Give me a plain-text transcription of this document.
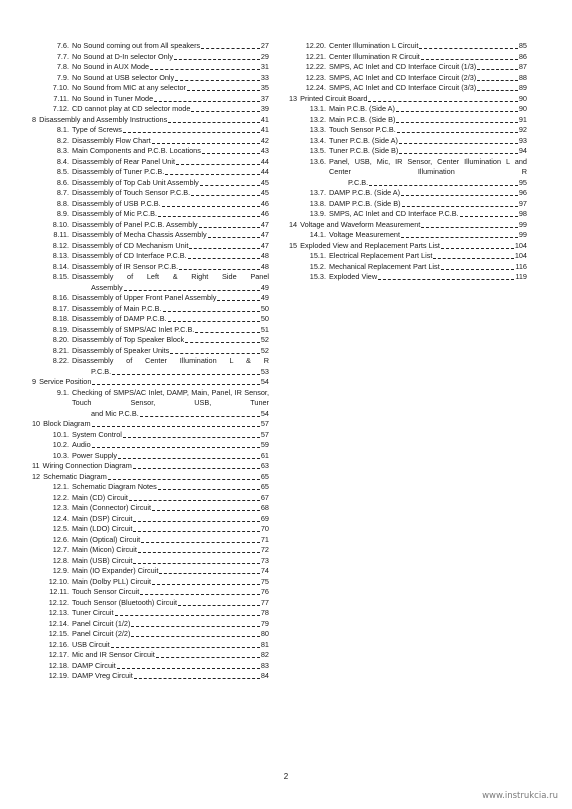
7.6. No Sound coming out from All speakers	27
7.7. No Sound at D-In selector Only	29
7.8. No Sound in AUX Mode	31
7.9. No Sound at USB selector Only	33
7.10. No Sound from MIC at any selector	35
7.11. No Sound in Tuner Mode	37
7.12. CD cannot play at CD selector mode	39
8 Disassembly and Assembly Instructions	41
8.1. Type of Screws	41
8.2. Disassembly Flow Chart	42
8.3. Main Components and P.C.B. Locations	43
8.4. Disassembly of Rear Panel Unit	44
8.5. Disassembly of Tuner P.C.B.	44
8.6. Disassembly of Top Cab Unit Assembly	45
8.7. Disassembly of Touch Sensor P.C.B.	45
8.8. Disassembly of USB P.C.B.	46
8.9. Disassembly of Mic P.C.B.	46
8.10. Disassembly of Panel P.C.B. Assembly	47
8.11. Disassembly of Mecha Chassis Assembly	47
8.12. Disassembly of CD Mechanism Unit	47
8.13. Disassembly of CD Interface P.C.B.	48
8.14. Disassembly of IR Sensor P.C.B.	48
8.15. Disassembly of Left & Right Side Panel
Assembly	49
8.16. Disassembly of Upper Front Panel Assembly	49
8.17. Disassembly of Main P.C.B.	50
8.18. Disassembly of DAMP P.C.B.	50
8.19. Disassembly of SMPS/AC Inlet P.C.B.	51
8.20. Disassembly of Top Speaker Block	52
8.21. Disassembly of Speaker Units	52
8.22. Disassembly of Center Illumination L & R
P.C.B.	53
9 Service Position	54
9.1. Checking of SMPS/AC Inlet, DAMP, Main, Panel, IR Sensor, Touch Sensor, USB, Tuner
and Mic P.C.B.	54
10 Block Diagram	57
10.1. System Control	57
10.2. Audio	59
10.3. Power Supply	61
11 Wiring Connection Diagram	63
12 Schematic Diagram	65
12.1. Schematic Diagram Notes	65
12.2. Main (CD) Circuit	67
12.3. Main (Connector) Circuit	68
12.4. Main (DSP) Circuit	69
12.5. Main (LDO) Circuit	70
12.6. Main (Optical) Circuit	71
12.7. Main (Micon) Circuit	72
12.8. Main (USB) Circuit	73
12.9. Main (IO Expander) Circuit	74
12.10. Main (Dolby PLL) Circuit	75
12.11. Touch Sensor Circuit	76
12.12. Touch Sensor (Bluetooth) Circuit	77
12.13. Tuner Circuit	78
12.14. Panel Circuit (1/2)	79
12.15. Panel Circuit (2/2)	80
12.16. USB Circuit	81
12.17. Mic and IR Sensor Circuit	82
12.18. DAMP Circuit	83
12.19. DAMP Vreg Circuit	84
12.20. Center Illumination L Circuit	85
12.21. Center Illumination R Circuit	86
12.22. SMPS, AC Inlet and CD Interface Circuit (1/3)	87
12.23. SMPS, AC Inlet and CD Interface Circuit (2/3)	88
12.24. SMPS, AC Inlet and CD Interface Circuit (3/3)	89
13 Printed Circuit Board	90
13.1. Main P.C.B. (Side A)	90
13.2. Main P.C.B. (Side B)	91
13.3. Touch Sensor P.C.B.	92
13.4. Tuner P.C.B. (Side A)	93
13.5. Tuner P.C.B. (Side B)	94
13.6. Panel, USB, Mic, IR Sensor, Center Illumination L and Center Illumination R
P.C.B.	95
13.7. DAMP P.C.B. (Side A)	96
13.8. DAMP P.C.B. (Side B)	97
13.9. SMPS, AC Inlet and CD Interface P.C.B.	98
14 Voltage and Waveform Measurement	99
14.1. Voltage Measurement	99
15 Exploded View and Replacement Parts List	104
15.1. Electrical Replacement Part List	104
15.2. Mechanical Replacement Part List	116
15.3. Exploded View	119
2
www.instrukcia.ru
